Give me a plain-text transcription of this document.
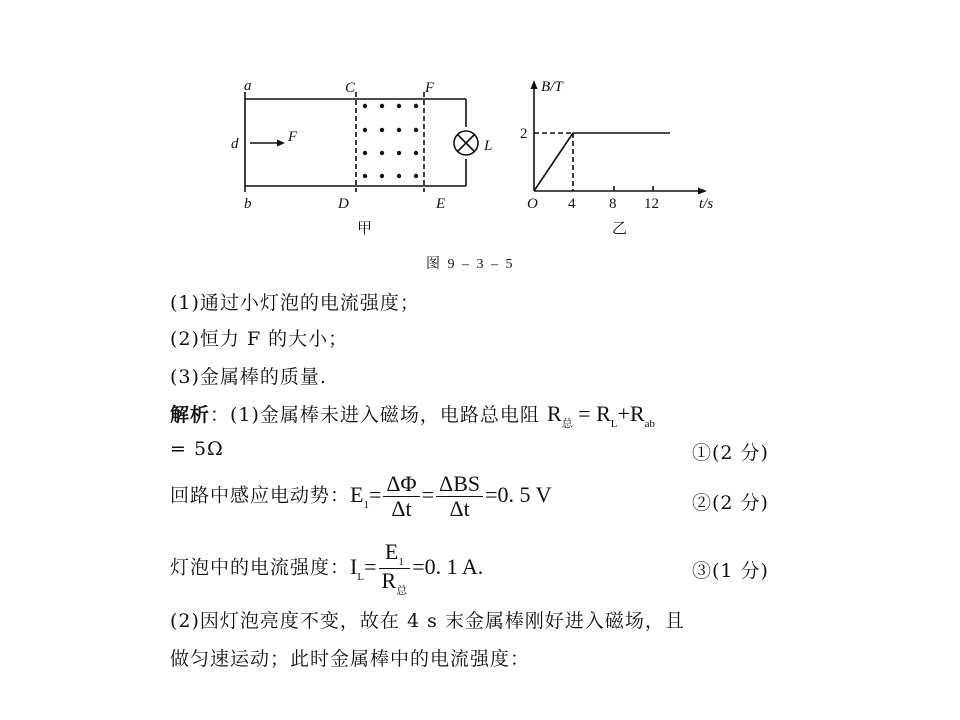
a
b
C	F
D	E
d	F
L
甲
B/T
t/s
O
2
4 8 12
乙
图 9 – 3 – 5
(1)通过小灯泡的电流强度；
(2)恒力 F 的大小；
(3)金属棒的质量.
解析：(1)金属棒未进入磁场，电路总电阻 $R_总 = R_L+R_{ab}$
= 5Ω	①(2 分)
回路中感应电动势：$E_1= \frac{\Delta\Phi}{\Delta t} = \frac{\text{ΔBS}}{\Delta t} =0$. 5 V	②(2 分)
灯泡中的电流强度：$I_L= \frac{E_1}{R_总} =0$. 1 A.	③(1 分)
(2)因灯泡亮度不变，故在 4 s 末金属棒刚好进入磁场，且
做匀速运动；此时金属棒中的电流强度：
